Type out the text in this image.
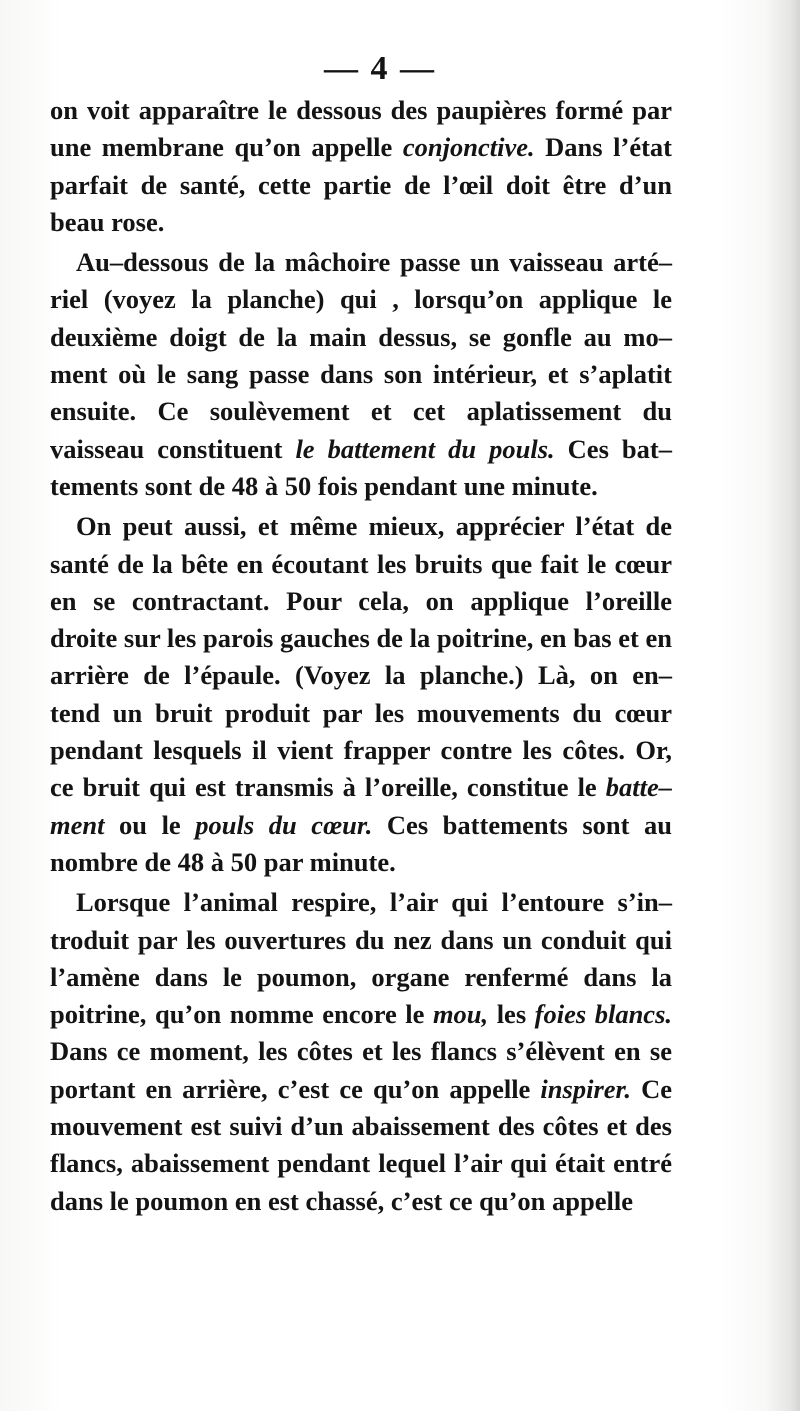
— 4 —
on voit apparaître le dessous des paupières formé par
une membrane qu’on appelle conjonctive. Dans l’état
parfait de santé, cette partie de l’œil doit être d’un
beau rose.
Au–dessous de la mâchoire passe un vaisseau arté–
riel (voyez la planche) qui , lorsqu’on applique le
deuxième doigt de la main dessus, se gonfle au mo–
ment où le sang passe dans son intérieur, et s’aplatit
ensuite. Ce soulèvement et cet aplatissement du
vaisseau constituent le battement du pouls. Ces bat–
tements sont de 48 à 50 fois pendant une minute.
On peut aussi, et même mieux, apprécier l’état de
santé de la bête en écoutant les bruits que fait le cœur
en se contractant. Pour cela, on applique l’oreille
droite sur les parois gauches de la poitrine, en bas et en
arrière de l’épaule. (Voyez la planche.) Là, on en–
tend un bruit produit par les mouvements du cœur
pendant lesquels il vient frapper contre les côtes. Or,
ce bruit qui est transmis à l’oreille, constitue le batte–
ment ou le pouls du cœur. Ces battements sont au
nombre de 48 à 50 par minute.
Lorsque l’animal respire, l’air qui l’entoure s’in–
troduit par les ouvertures du nez dans un conduit qui
l’amène dans le poumon, organe renfermé dans la
poitrine, qu’on nomme encore le mou, les foies blancs.
Dans ce moment, les côtes et les flancs s’élèvent en se
portant en arrière, c’est ce qu’on appelle inspirer. Ce
mouvement est suivi d’un abaissement des côtes et des
flancs, abaissement pendant lequel l’air qui était entré
dans le poumon en est chassé, c’est ce qu’on appelle
